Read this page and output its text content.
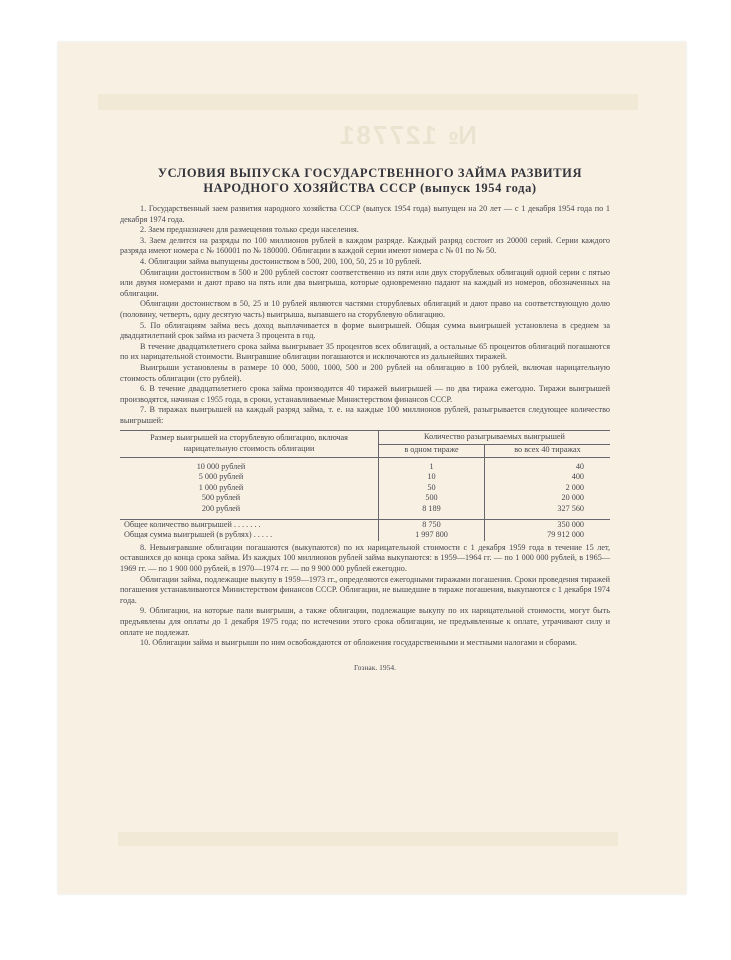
№ 127781
УСЛОВИЯ ВЫПУСКА ГОСУДАРСТВЕННОГО ЗАЙМА РАЗВИТИЯ
НАРОДНОГО ХОЗЯЙСТВА СССР (выпуск 1954 года)

1. Государственный заем развития народного хозяйства СССР (выпуск 1954 года) выпущен на 20 лет — с 1 декабря 1954 года по 1 декабря 1974 года.

2. Заем предназначен для размещения только среди населения.

3. Заем делится на разряды по 100 миллионов рублей в каждом разряде. Каждый разряд состоит из 20000 серий. Серии каждого разряда имеют номера с № 160001 по № 180000. Облигации в каждой серии имеют номера с № 01 по № 50.

4. Облигации займа выпущены достоинством в 500, 200, 100, 50, 25 и 10 рублей.

Облигации достоинством в 500 и 200 рублей состоят соответственно из пяти или двух сторублевых облигаций одной серии с пятью или двумя номерами и дают право на пять или два выигрыша, которые одновременно падают на каждый из номеров, обозначенных на облигации.

Облигации достоинством в 50, 25 и 10 рублей являются частями сторублевых облигаций и дают право на соответствующую долю (половину, четверть, одну десятую часть) выигрыша, выпавшего на сторублевую облигацию.

5. По облигациям займа весь доход выплачивается в форме выигрышей. Общая сумма выигрышей установлена в среднем за двадцатилетний срок займа из расчета 3 процента в год.

В течение двадцатилетнего срока займа выигрывает 35 процентов всех облигаций, а остальные 65 процентов облигаций погашаются по их нарицательной стоимости. Выигравшие облигации погашаются и исключаются из дальнейших тиражей.

Выигрыши установлены в размере 10 000, 5000, 1000, 500 и 200 рублей на облигацию в 100 рублей, включая нарицательную стоимость облигации (сто рублей).

6. В течение двадцатилетнего срока займа производится 40 тиражей выигрышей — по два тиража ежегодно. Тиражи выигрышей производятся, начиная с 1955 года, в сроки, устанавливаемые Министерством финансов СССР.

7. В тиражах выигрышей на каждый разряд займа, т. е. на каждые 100 миллионов рублей, разыгрывается следующее количество выигрышей:

Размер выигрышей на сторублевую облигацию, включая нарицательную стоимость облигации	Количество разыгрываемых выигрышей	
	в одном тираже	во всех 40 тиражах

10 000 рублей	1	40
5 000 рублей	10	400
1 000 рублей	50	2 000
500 рублей	500	20 000
200 рублей	8 189	327 560

Общее количество выигрышей . . . . . . .	8 750	350 000
Общая сумма выигрышей (в рублях) . . . . .	1 997 800	79 912 000

8. Невыигравшие облигации погашаются (выкупаются) по их нарицательной стоимости с 1 декабря 1959 года в течение 15 лет, оставшихся до конца срока займа. Из каждых 100 миллионов рублей займа выкупаются: в 1959—1964 гг. — по 1 000 000 рублей, в 1965—1969 гг. — по 1 900 000 рублей, в 1970—1974 гг. — по 9 900 000 рублей ежегодно.

Облигации займа, подлежащие выкупу в 1959—1973 гг., определяются ежегодными тиражами погашения. Сроки проведения тиражей погашения устанавливаются Министерством финансов СССР. Облигации, не вышедшие в тираже погашения, выкупаются с 1 декабря 1974 года.

9. Облигации, на которые пали выигрыши, а также облигации, подлежащие выкупу по их нарицательной стоимости, могут быть предъявлены для оплаты до 1 декабря 1975 года; по истечении этого срока облигации, не предъявленные к оплате, утрачивают силу и оплате не подлежат.

10. Облигации займа и выигрыши по ним освобождаются от обложения государственными и местными налогами и сборами.

Гознак. 1954.
